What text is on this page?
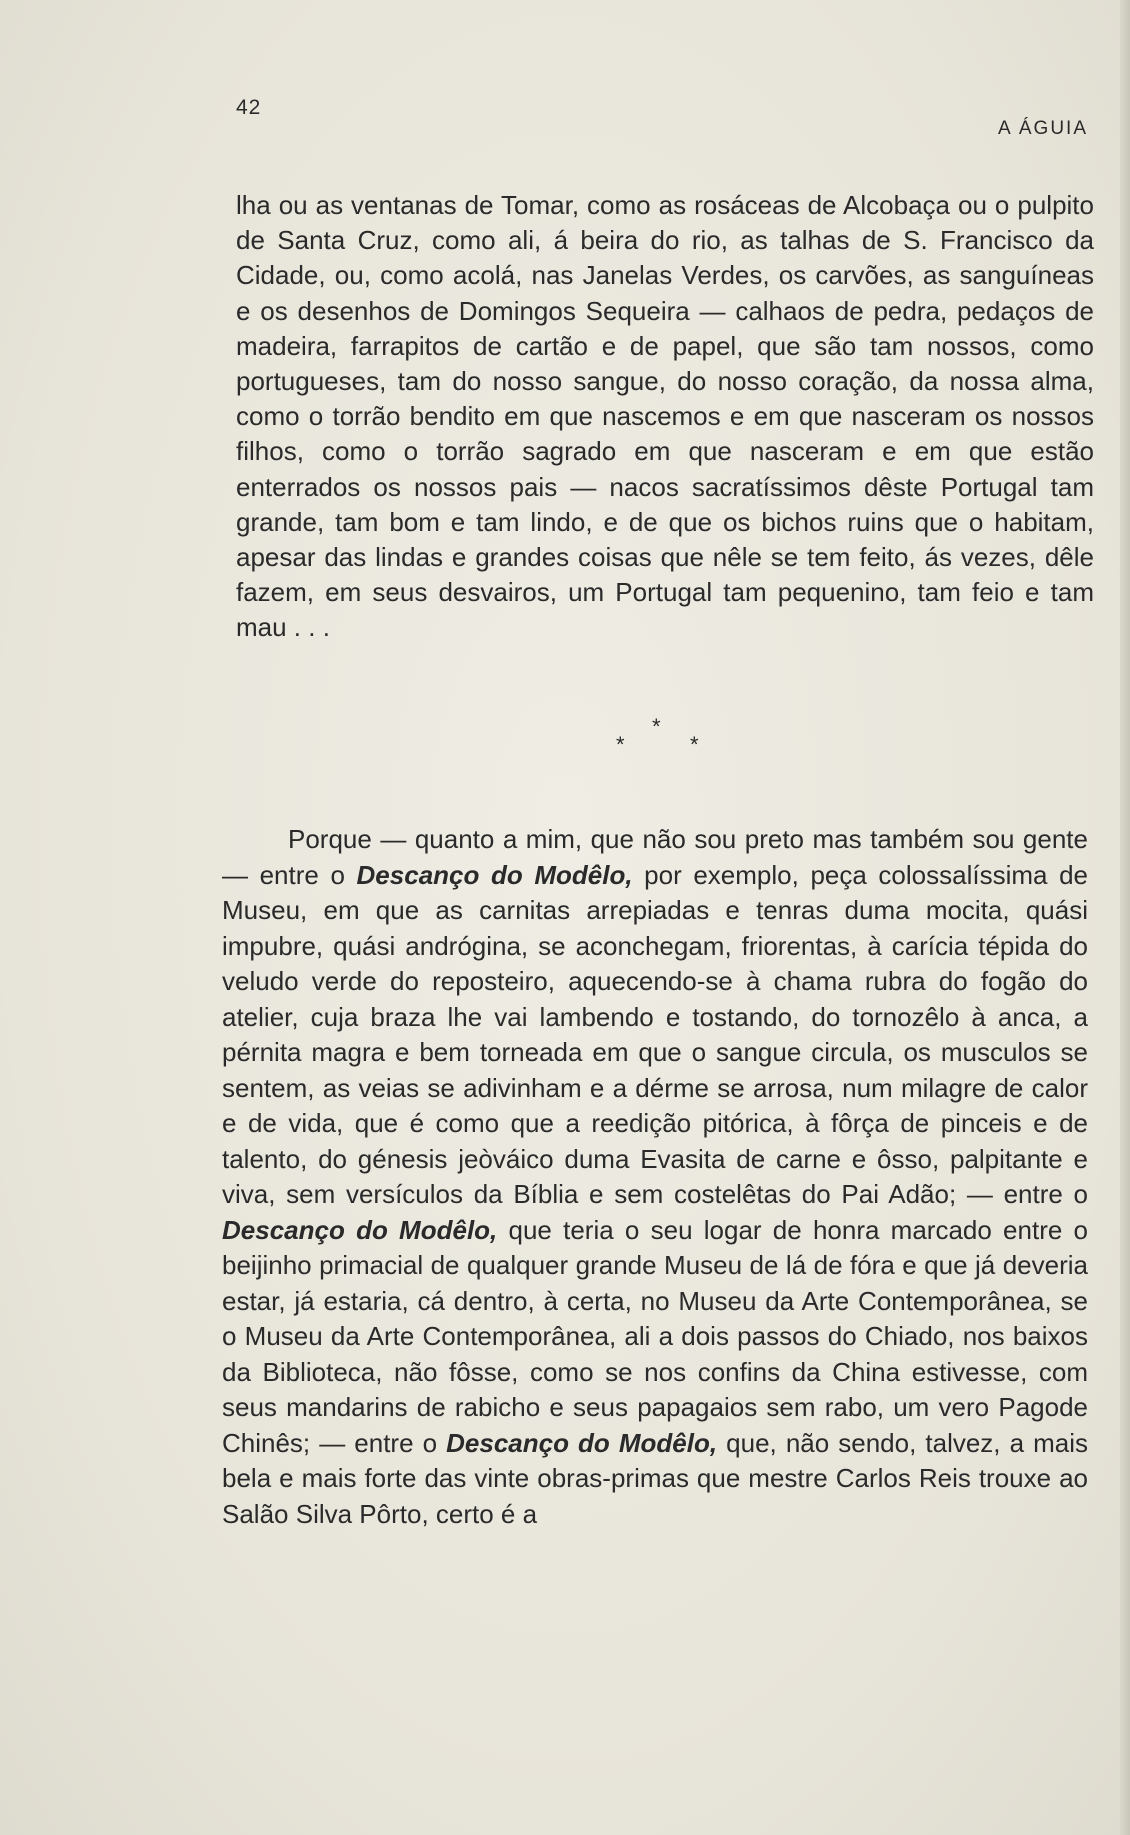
42
A ÁGUIA

lha ou as ventanas de Tomar, como as rosáceas de Alcobaça ou o pulpito de Santa Cruz, como ali, á beira do rio, as talhas de S. Francisco da Cidade, ou, como acolá, nas Janelas Verdes, os carvões, as sanguíneas e os desenhos de Domingos Sequeira — calhaos de pedra, pedaços de madeira, farrapitos de cartão e de papel, que são tam nossos, como portugueses, tam do nosso sangue, do nosso coração, da nossa alma, como o torrão bendito em que nascemos e em que nasceram os nossos filhos, como o torrão sagrado em que nasceram e em que estão enterrados os nossos pais — nacos sacratíssimos dêste Portugal tam grande, tam bom e tam lindo, e de que os bichos ruins que o habitam, apesar das lindas e grandes coisas que nêle se tem feito, ás vezes, dêle fazem, em seus desvairos, um Portugal tam pequenino, tam feio e tam mau . . .

*
*	*

Porque — quanto a mim, que não sou preto mas também sou gente — entre o Descanço do Modêlo, por exemplo, peça colossalíssima de Museu, em que as carnitas arrepiadas e tenras duma mocita, quási impubre, quási andrógina, se aconchegam, friorentas, à carícia tépida do veludo verde do reposteiro, aquecendo-se à chama rubra do fogão do atelier, cuja braza lhe vai lambendo e tostando, do tornozêlo à anca, a pérnita magra e bem torneada em que o sangue circula, os musculos se sentem, as veias se adivinham e a dérme se arrosa, num milagre de calor e de vida, que é como que a reedição pitórica, à fôrça de pinceis e de talento, do génesis jeòváico duma Evasita de carne e ôsso, palpitante e viva, sem versículos da Bíblia e sem costelêtas do Pai Adão; — entre o Descanço do Modêlo, que teria o seu logar de honra marcado entre o beijinho primacial de qualquer grande Museu de lá de fóra e que já deveria estar, já estaria, cá dentro, à certa, no Museu da Arte Contemporânea, se o Museu da Arte Contemporânea, ali a dois passos do Chiado, nos baixos da Biblioteca, não fôsse, como se nos confins da China estivesse, com seus mandarins de rabicho e seus papagaios sem rabo, um vero Pagode Chinês; — entre o Descanço do Modêlo, que, não sendo, talvez, a mais bela e mais forte das vinte obras-primas que mestre Carlos Reis trouxe ao Salão Silva Pôrto, certo é a
